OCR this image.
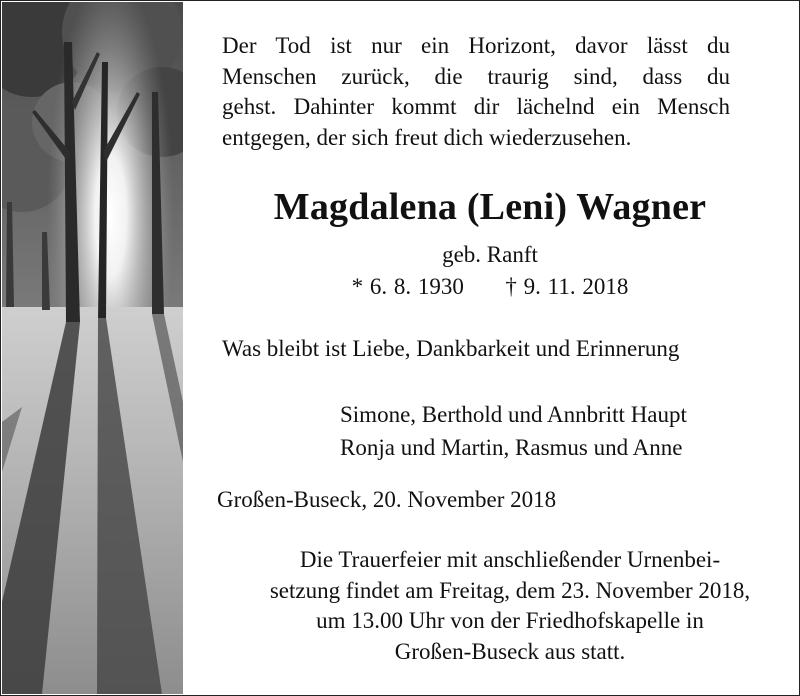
Der Tod ist nur ein Horizont, davor lässt du
Menschen zurück, die traurig sind, dass du
gehst. Dahinter kommt dir lächelnd ein Mensch
entgegen, der sich freut dich wiederzusehen.
Magdalena (Leni) Wagner
geb. Ranft
* 6. 8. 1930 † 9. 11. 2018
Was bleibt ist Liebe, Dankbarkeit und Erinnerung
Simone, Berthold und Annbritt Haupt
Ronja und Martin, Rasmus und Anne
Großen-Buseck, 20. November 2018
Die Trauerfeier mit anschließender Urnenbei-
setzung findet am Freitag, dem 23. November 2018,
um 13.00 Uhr von der Friedhofskapelle in
Großen-Buseck aus statt.
